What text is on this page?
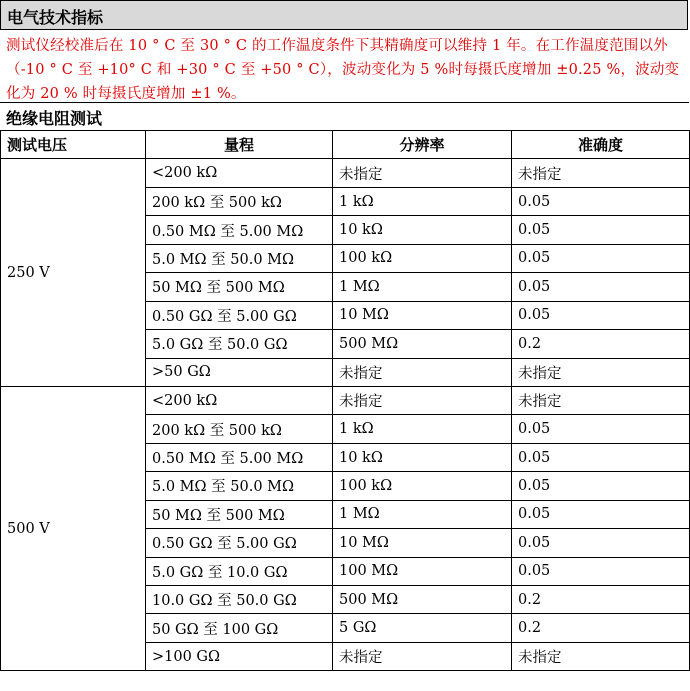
电气技术指标
测试仪经校准后在 10 ° C 至 30 ° C 的工作温度条件下其精确度可以维持 1 年。在工作温度范围以外（-10 ° C 至 +10° C 和 +30 ° C 至 +50 ° C），波动变化为 5 %时每摄氏度增加 ±0.25 %，波动变化为 20 % 时每摄氏度增加 ±1 %。
绝缘电阻测试
测试电压	量程	分辨率	准确度
250 V	<200 kΩ	未指定	未指定
	200 kΩ 至 500 kΩ	1 kΩ	0.05
	0.50 MΩ 至 5.00 MΩ	10 kΩ	0.05
	5.0 MΩ 至 50.0 MΩ	100 kΩ	0.05
	50 MΩ 至 500 MΩ	1 MΩ	0.05
	0.50 GΩ 至 5.00 GΩ	10 MΩ	0.05
	5.0 GΩ 至 50.0 GΩ	500 MΩ	0.2
	>50 GΩ	未指定	未指定
500 V	<200 kΩ	未指定	未指定
	200 kΩ 至 500 kΩ	1 kΩ	0.05
	0.50 MΩ 至 5.00 MΩ	10 kΩ	0.05
	5.0 MΩ 至 50.0 MΩ	100 kΩ	0.05
	50 MΩ 至 500 MΩ	1 MΩ	0.05
	0.50 GΩ 至 5.00 GΩ	10 MΩ	0.05
	5.0 GΩ 至 10.0 GΩ	100 MΩ	0.05
	10.0 GΩ 至 50.0 GΩ	500 MΩ	0.2
	50 GΩ 至 100 GΩ	5 GΩ	0.2
	>100 GΩ	未指定	未指定
